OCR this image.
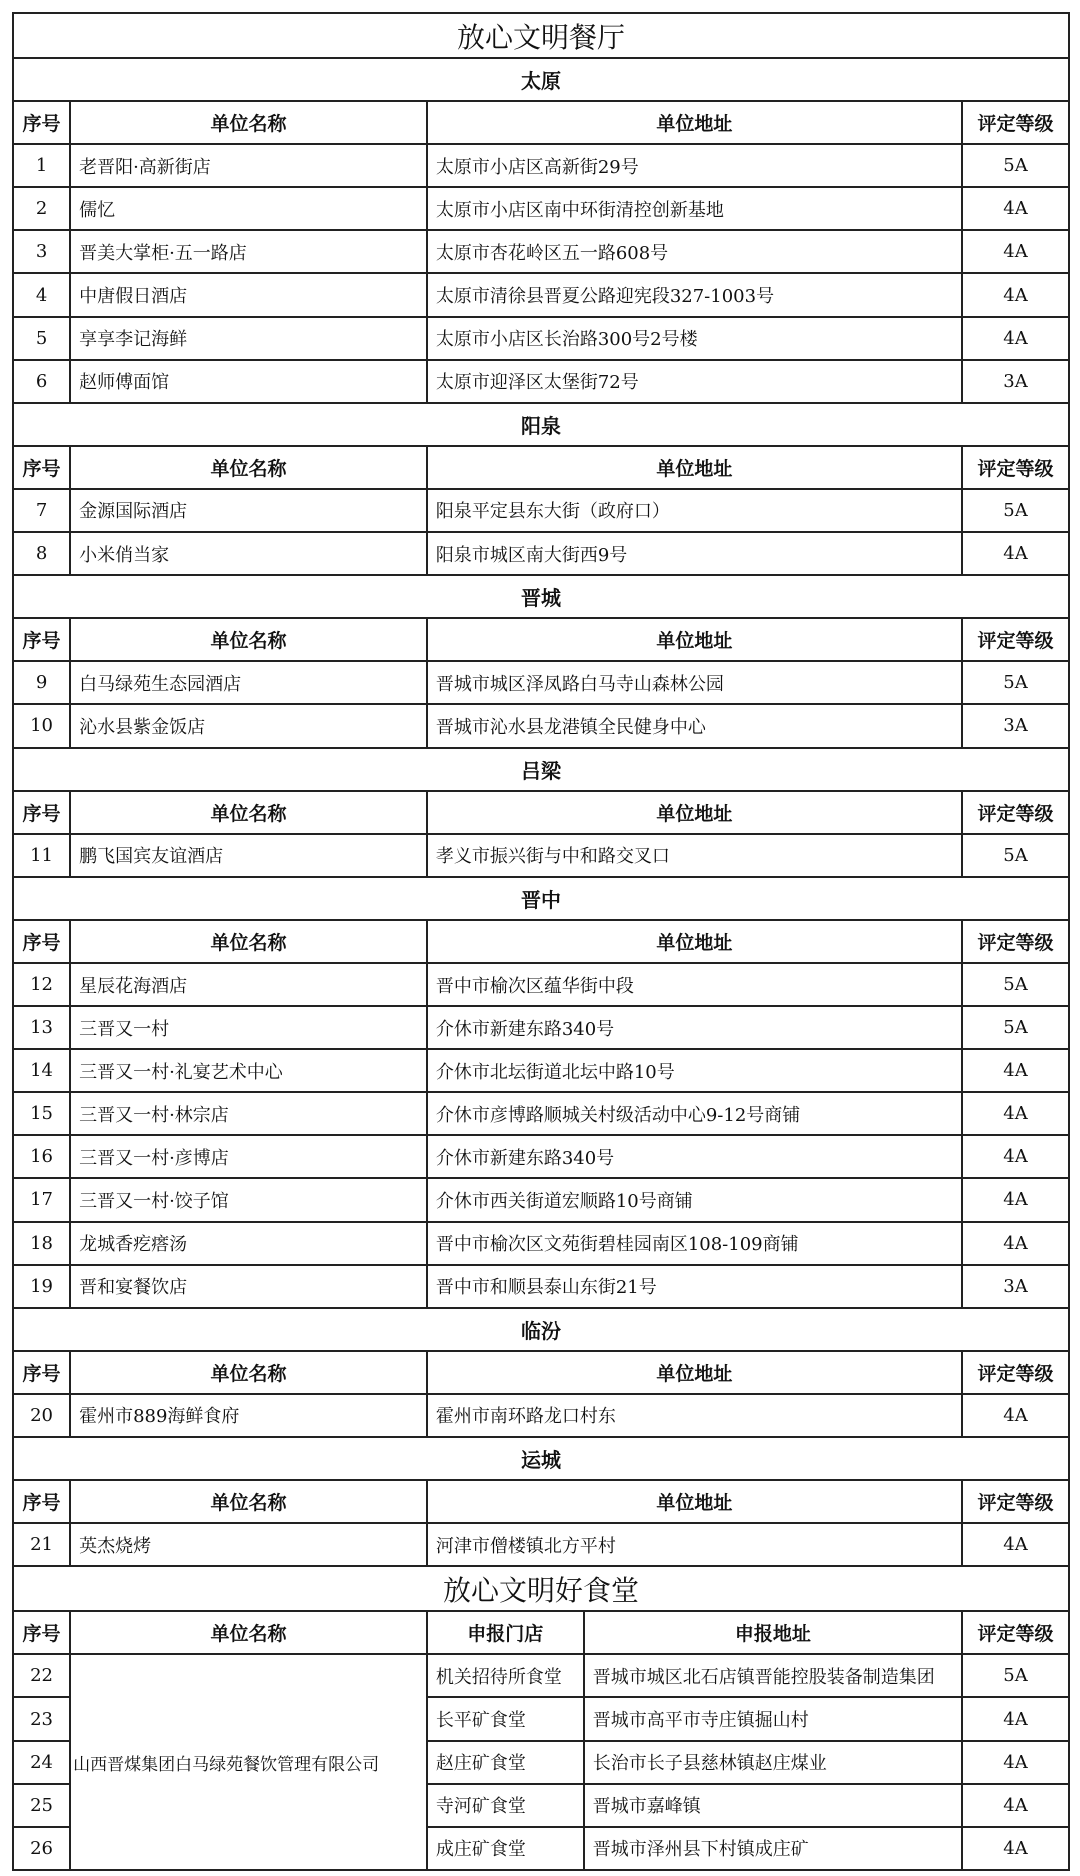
放心文明餐厅				
太原				
序号	单位名称	单位地址		评定等级
1	老晋阳·高新街店	太原市小店区高新街29号		5A
2	儒忆	太原市小店区南中环街清控创新基地		4A
3	晋美大掌柜·五一路店	太原市杏花岭区五一路608号		4A
4	中唐假日酒店	太原市清徐县晋夏公路迎宪段327-1003号		4A
5	享享李记海鲜	太原市小店区长治路300号2号楼		4A
6	赵师傅面馆	太原市迎泽区太堡街72号		3A
阳泉				
序号	单位名称	单位地址		评定等级
7	金源国际酒店	阳泉平定县东大街（政府口）		5A
8	小米俏当家	阳泉市城区南大街西9号		4A
晋城				
序号	单位名称	单位地址		评定等级
9	白马绿苑生态园酒店	晋城市城区泽凤路白马寺山森林公园		5A
10	沁水县紫金饭店	晋城市沁水县龙港镇全民健身中心		3A
吕梁				
序号	单位名称	单位地址		评定等级
11	鹏飞国宾友谊酒店	孝义市振兴街与中和路交叉口		5A
晋中				
序号	单位名称	单位地址		评定等级
12	星辰花海酒店	晋中市榆次区蕴华街中段		5A
13	三晋又一村	介休市新建东路340号		5A
14	三晋又一村·礼宴艺术中心	介休市北坛街道北坛中路10号		4A
15	三晋又一村·林宗店	介休市彦博路顺城关村级活动中心9-12号商铺		4A
16	三晋又一村·彦博店	介休市新建东路340号		4A
17	三晋又一村·饺子馆	介休市西关街道宏顺路10号商铺		4A
18	龙城香疙瘩汤	晋中市榆次区文苑街碧桂园南区108-109商铺		4A
19	晋和宴餐饮店	晋中市和顺县泰山东街21号		3A
临汾				
序号	单位名称	单位地址		评定等级
20	霍州市889海鲜食府	霍州市南环路龙口村东		4A
运城				
序号	单位名称	单位地址		评定等级
21	英杰烧烤	河津市僧楼镇北方平村		4A
放心文明好食堂				
序号	单位名称	申报门店	申报地址	评定等级
22	山西晋煤集团白马绿苑餐饮管理有限公司	机关招待所食堂	晋城市城区北石店镇晋能控股装备制造集团	5A
23		长平矿食堂	晋城市高平市寺庄镇掘山村	4A
24		赵庄矿食堂	长治市长子县慈林镇赵庄煤业	4A
25		寺河矿食堂	晋城市嘉峰镇	4A
26		成庄矿食堂	晋城市泽州县下村镇成庄矿	4A
